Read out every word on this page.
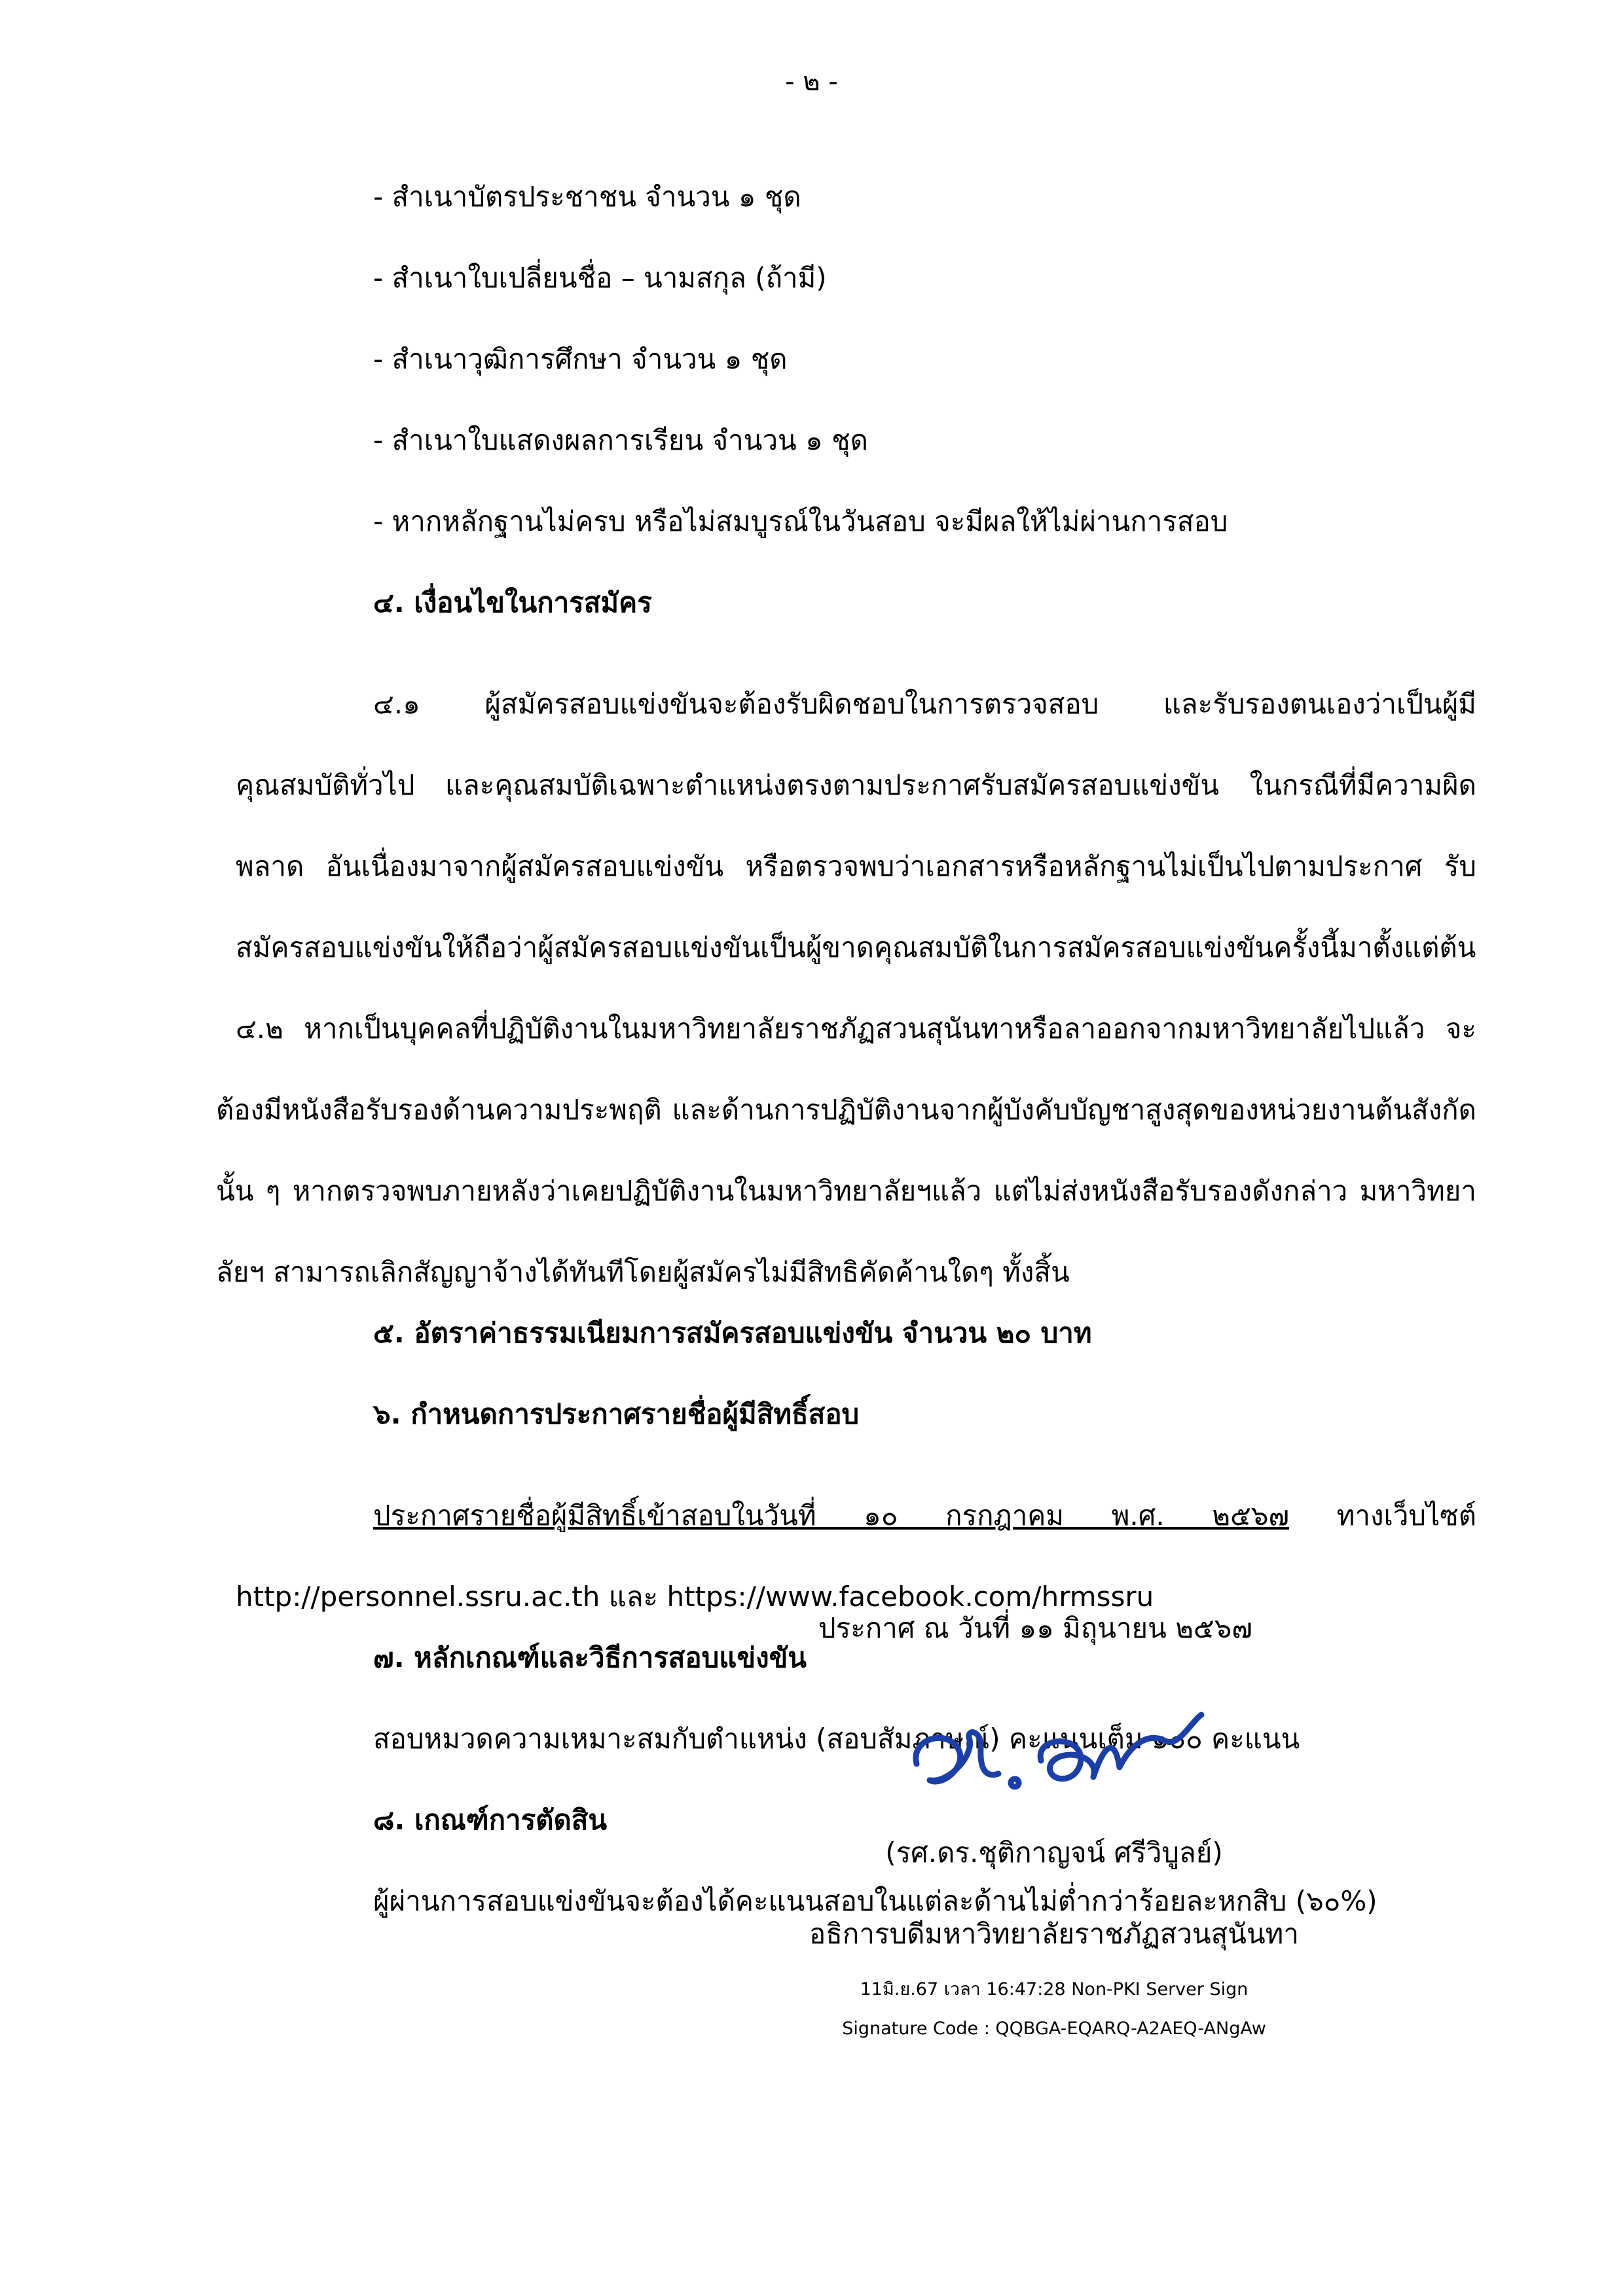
- ๒ -
- สำเนาบัตรประชาชน จำนวน ๑ ชุด
- สำเนาใบเปลี่ยนชื่อ – นามสกุล (ถ้ามี)
- สำเนาวุฒิการศึกษา จำนวน ๑ ชุด
- สำเนาใบแสดงผลการเรียน จำนวน ๑ ชุด
- หากหลักฐานไม่ครบ หรือไม่สมบูรณ์ในวันสอบ จะมีผลให้ไม่ผ่านการสอบ
๔. เงื่อนไขในการสมัคร
๔.๑ ผู้สมัครสอบแข่งขันจะต้องรับผิดชอบในการตรวจสอบ และรับรองตนเองว่าเป็นผู้มีคุณสมบัติทั่วไป และคุณสมบัติเฉพาะตำแหน่งตรงตามประกาศรับสมัครสอบแข่งขัน ในกรณีที่มีความผิดพลาด อันเนื่องมาจากผู้สมัครสอบแข่งขัน หรือตรวจพบว่าเอกสารหรือหลักฐานไม่เป็นไปตามประกาศ รับสมัครสอบแข่งขันให้ถือว่าผู้สมัครสอบแข่งขันเป็นผู้ขาดคุณสมบัติในการสมัครสอบแข่งขันครั้งนี้มาตั้งแต่ต้น
๔.๒ หากเป็นบุคคลที่ปฏิบัติงานในมหาวิทยาลัยราชภัฏสวนสุนันทาหรือลาออกจากมหาวิทยาลัยไปแล้ว จะต้องมีหนังสือรับรองด้านความประพฤติ และด้านการปฏิบัติงานจากผู้บังคับบัญชาสูงสุดของหน่วยงานต้นสังกัดนั้น ๆ หากตรวจพบภายหลังว่าเคยปฏิบัติงานในมหาวิทยาลัยฯแล้ว แต่ไม่ส่งหนังสือรับรองดังกล่าว มหาวิทยาลัยฯ สามารถเลิกสัญญาจ้างได้ทันทีโดยผู้สมัครไม่มีสิทธิคัดค้านใดๆ ทั้งสิ้น
๕. อัตราค่าธรรมเนียมการสมัครสอบแข่งขัน จำนวน ๒๐ บาท
๖. กำหนดการประกาศรายชื่อผู้มีสิทธิ์สอบ
ประกาศรายชื่อผู้มีสิทธิ์เข้าสอบในวันที่ ๑๐ กรกฎาคม พ.ศ. ๒๕๖๗ ทางเว็บไซต์ http://personnel.ssru.ac.th และ https://www.facebook.com/hrmssru
๗. หลักเกณฑ์และวิธีการสอบแข่งขัน
สอบหมวดความเหมาะสมกับตำแหน่ง (สอบสัมภาษณ์) คะแนนเต็ม ๑๐๐ คะแนน
๘. เกณฑ์การตัดสิน
ผู้ผ่านการสอบแข่งขันจะต้องได้คะแนนสอบในแต่ละด้านไม่ต่ำกว่าร้อยละหกสิบ (๖๐%)
ประกาศ ณ วันที่ ๑๑ มิถุนายน ๒๕๖๗
(รศ.ดร.ชุติกาญจน์ ศรีวิบูลย์)
อธิการบดีมหาวิทยาลัยราชภัฏสวนสุนันทา
11มิ.ย.67 เวลา 16:47:28 Non-PKI Server Sign
Signature Code : QQBGA-EQARQ-A2AEQ-ANgAw
